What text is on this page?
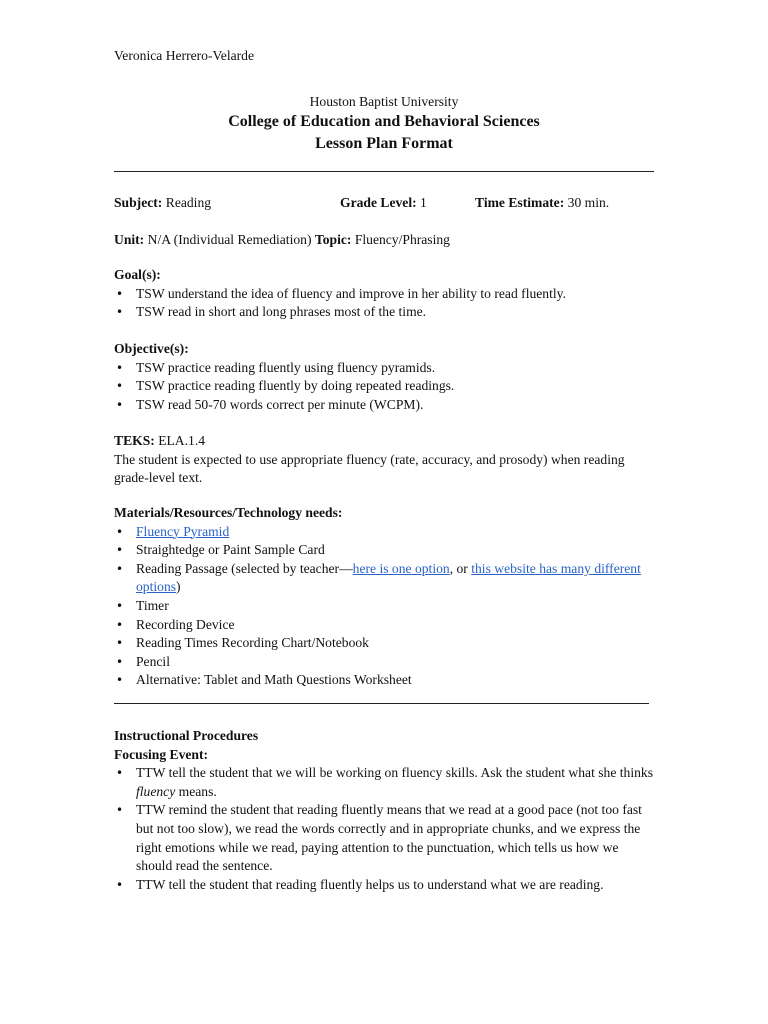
Veronica Herrero-Velarde
Houston Baptist University
College of Education and Behavioral Sciences
Lesson Plan Format
Subject: Reading	Grade Level: 1	Time Estimate: 30 min.
Unit: N/A (Individual Remediation) Topic: Fluency/Phrasing
Goal(s):
• TSW understand the idea of fluency and improve in her ability to read fluently.
• TSW read in short and long phrases most of the time.
Objective(s):
• TSW practice reading fluently using fluency pyramids.
• TSW practice reading fluently by doing repeated readings.
• TSW read 50-70 words correct per minute (WCPM).
TEKS: ELA.1.4
The student is expected to use appropriate fluency (rate, accuracy, and prosody) when reading grade-level text.
Materials/Resources/Technology needs:
• Fluency Pyramid
• Straightedge or Paint Sample Card
• Reading Passage (selected by teacher—here is one option, or this website has many different options)
• Timer
• Recording Device
• Reading Times Recording Chart/Notebook
• Pencil
• Alternative: Tablet and Math Questions Worksheet
Instructional Procedures
Focusing Event:
• TTW tell the student that we will be working on fluency skills. Ask the student what she thinks fluency means.
• TTW remind the student that reading fluently means that we read at a good pace (not too fast but not too slow), we read the words correctly and in appropriate chunks, and we express the right emotions while we read, paying attention to the punctuation, which tells us how we should read the sentence.
• TTW tell the student that reading fluently helps us to understand what we are reading.
